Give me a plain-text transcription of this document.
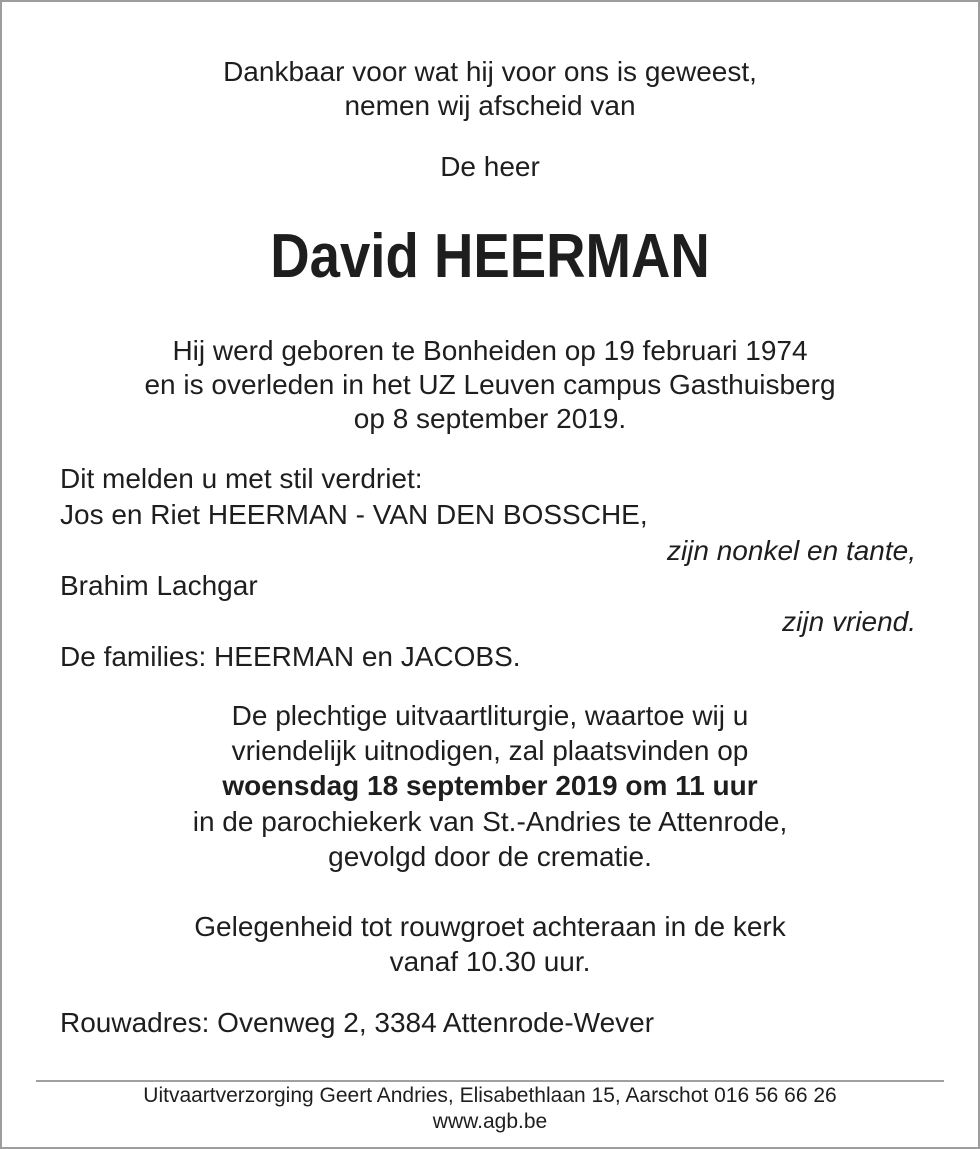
Dankbaar voor wat hij voor ons is geweest,
nemen wij afscheid van
De heer
David HEERMAN
Hij werd geboren te Bonheiden op 19 februari 1974
en is overleden in het UZ Leuven campus Gasthuisberg
op 8 september 2019.
Dit melden u met stil verdriet:
Jos en Riet HEERMAN - VAN DEN BOSSCHE,
zijn nonkel en tante,
Brahim Lachgar
zijn vriend.
De families: HEERMAN en JACOBS.
De plechtige uitvaartliturgie, waartoe wij u
vriendelijk uitnodigen, zal plaatsvinden op
woensdag 18 september 2019 om 11 uur
in de parochiekerk van St.-Andries te Attenrode,
gevolgd door de crematie.
Gelegenheid tot rouwgroet achteraan in de kerk
vanaf 10.30 uur.
Rouwadres: Ovenweg 2, 3384 Attenrode-Wever
Uitvaartverzorging Geert Andries, Elisabethlaan 15, Aarschot 016 56 66 26
www.agb.be
